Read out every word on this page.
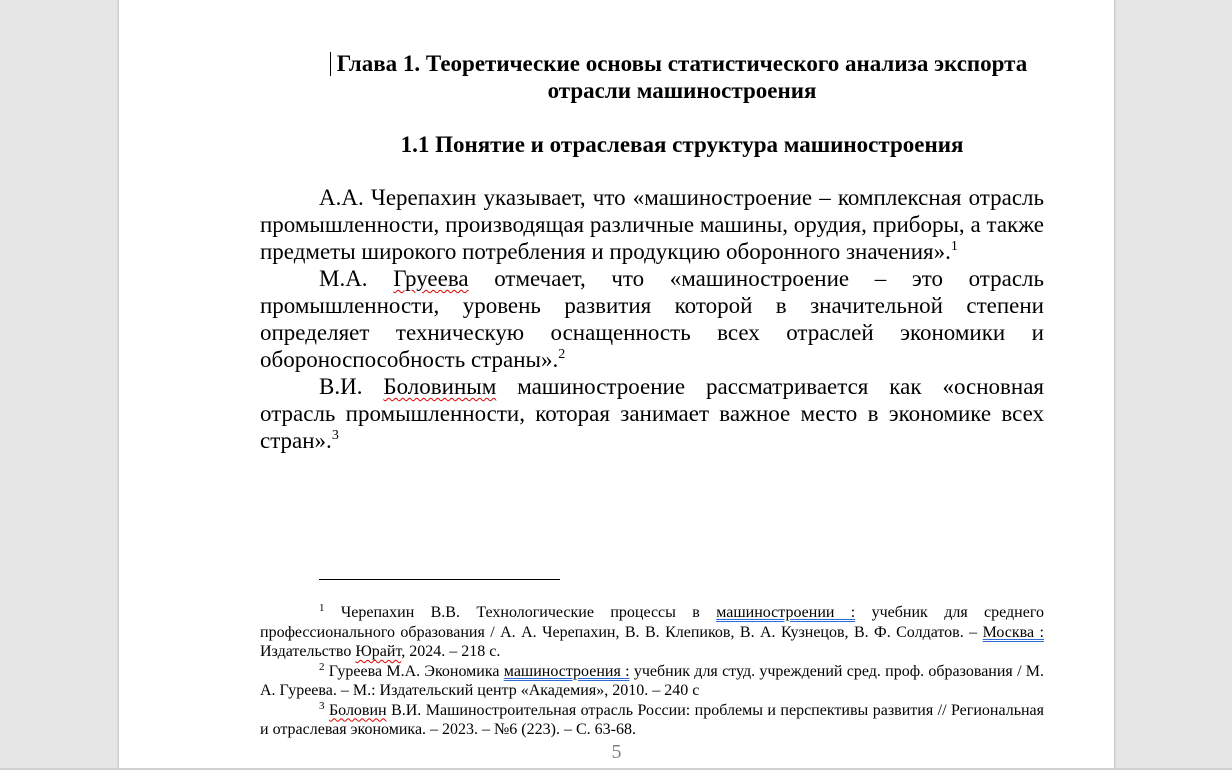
Глава 1. Теоретические основы статистического анализа экспорта отрасли машиностроения
1.1 Понятие и отраслевая структура машиностроения

А.А. Черепахин указывает, что «машиностроение – комплексная отрасль промышленности, производящая различные машины, орудия, приборы, а также предметы широкого потребления и продукцию оборонного значения».$^1$

М.А. Груеева отмечает, что «машиностроение – это отрасль промышленности, уровень развития которой в значительной степени определяет техническую оснащенность всех отраслей экономики и обороноспособность страны».$^2$

В.И. Боловиным машиностроение рассматривается как «основная отрасль промышленности, которая занимает важное место в экономике всех стран».$^3$

$^1$ Черепахин В.В. Технологические процессы в машиностроении : учебник для среднего профессионального образования / А. А. Черепахин, В. В. Клепиков, В. А. Кузнецов, В. Ф. Солдатов. – Москва : Издательство Юрайт, 2024. – 218 с.

$^2$ Гуреева М.А. Экономика машиностроения : учебник для студ. учреждений сред. проф. образования / М. А. Гуреева. – М.: Издательский центр «Академия», 2010. – 240 с

$^3$ Боловин В.И. Машиностроительная отрасль России: проблемы и перспективы развития // Региональная и отраслевая экономика. – 2023. – №6 (223). – С. 63-68.

5
